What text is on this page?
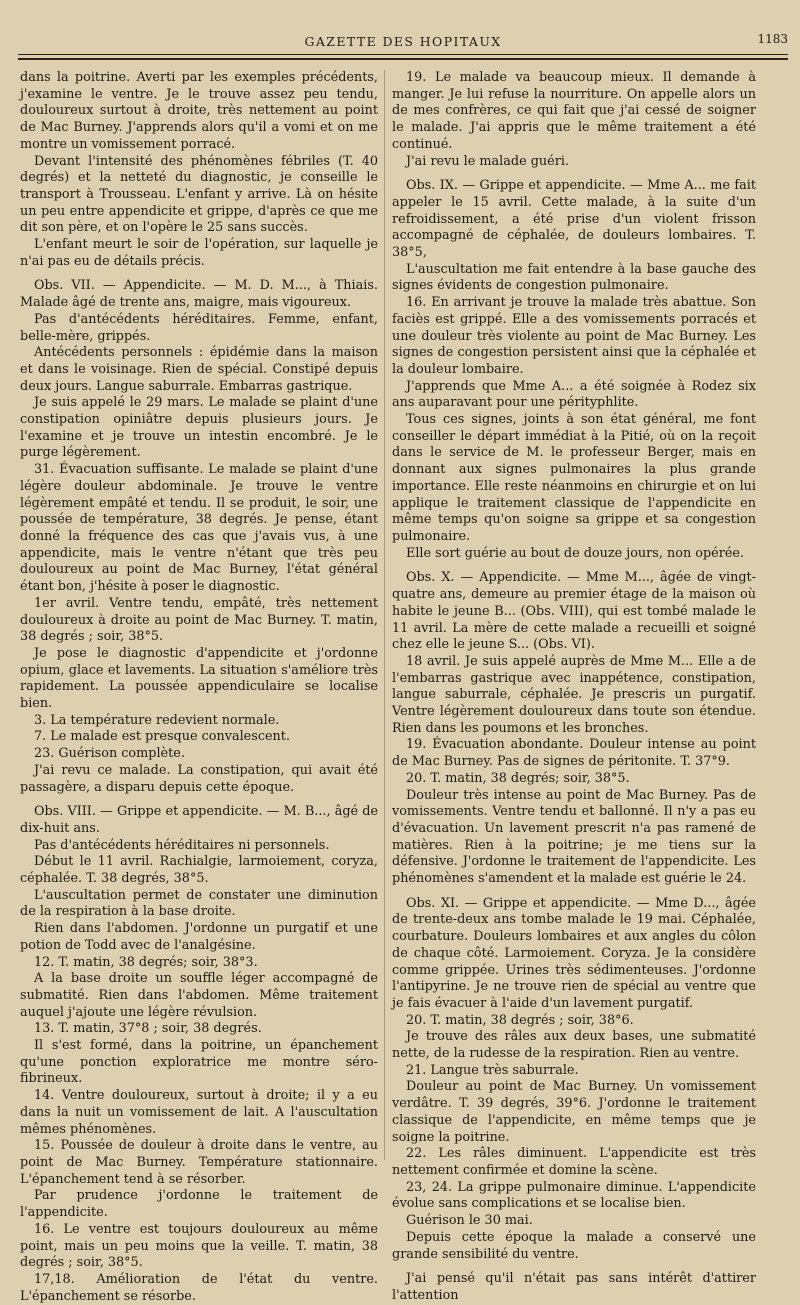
GAZETTE DES HOPITAUX	1183

dans la poitrine. Averti par les exemples précédents, j'examine le ventre. Je le trouve assez peu tendu, douloureux surtout à droite, très nettement au point de Mac Burney. J'apprends alors qu'il a vomi et on me montre un vomissement porracé.

Devant l'intensité des phénomènes fébriles (T. 40 degrés) et la netteté du diagnostic, je conseille le transport à Trousseau. L'enfant y arrive. Là on hésite un peu entre appendicite et grippe, d'après ce que me dit son père, et on l'opère le 25 sans succès.

L'enfant meurt le soir de l'opération, sur laquelle je n'ai pas eu de détails précis.

Obs. VII. — Appendicite. — M. D. M..., à Thiais. Malade âgé de trente ans, maigre, mais vigoureux.

Pas d'antécédents héréditaires. Femme, enfant, belle-mère, grippés.

Antécédents personnels : épidémie dans la maison et dans le voisinage. Rien de spécial. Constipé depuis deux jours. Langue saburrale. Embarras gastrique.

Je suis appelé le 29 mars. Le malade se plaint d'une constipation opiniâtre depuis plusieurs jours. Je l'examine et je trouve un intestin encombré. Je le purge légèrement.

31. Évacuation suffisante. Le malade se plaint d'une légère douleur abdominale. Je trouve le ventre légèrement empâté et tendu. Il se produit, le soir, une poussée de température, 38 degrés. Je pense, étant donné la fréquence des cas que j'avais vus, à une appendicite, mais le ventre n'étant que très peu douloureux au point de Mac Burney, l'état général étant bon, j'hésite à poser le diagnostic.

1er avril. Ventre tendu, empâté, très nettement douloureux à droite au point de Mac Burney. T. matin, 38 degrés ; soir, 38°5.

Je pose le diagnostic d'appendicite et j'ordonne opium, glace et lavements. La situation s'améliore très rapidement. La poussée appendiculaire se localise bien.

3. La température redevient normale.

7. Le malade est presque convalescent.

23. Guérison complète.

J'ai revu ce malade. La constipation, qui avait été passagère, a disparu depuis cette époque.

Obs. VIII. — Grippe et appendicite. — M. B..., âgé de dix-huit ans.

Pas d'antécédents héréditaires ni personnels.

Début le 11 avril. Rachialgie, larmoiement, coryza, céphalée. T. 38 degrés, 38°5.

L'auscultation permet de constater une diminution de la respiration à la base droite.

Rien dans l'abdomen. J'ordonne un purgatif et une potion de Todd avec de l'analgésine.

12. T. matin, 38 degrés; soir, 38°3.

A la base droite un souffle léger accompagné de submatité. Rien dans l'abdomen. Même traitement auquel j'ajoute une légère révulsion.

13. T. matin, 37°8 ; soir, 38 degrés.

Il s'est formé, dans la poitrine, un épanchement qu'une ponction exploratrice me montre séro-fibrineux.

14. Ventre douloureux, surtout à droite; il y a eu dans la nuit un vomissement de lait. A l'auscultation mêmes phénomènes.

15. Poussée de douleur à droite dans le ventre, au point de Mac Burney. Température stationnaire. L'épanchement tend à se résorber.

Par prudence j'ordonne le traitement de l'appendicite.

16. Le ventre est toujours douloureux au même point, mais un peu moins que la veille. T. matin, 38 degrés ; soir, 38°5.

17,18. Amélioration de l'état du ventre. L'épanchement se résorbe.

19. Le malade va beaucoup mieux. Il demande à manger. Je lui refuse la nourriture. On appelle alors un de mes confrères, ce qui fait que j'ai cessé de soigner le malade. J'ai appris que le même traitement a été continué.

J'ai revu le malade guéri.

Obs. IX. — Grippe et appendicite. — Mme A... me fait appeler le 15 avril. Cette malade, à la suite d'un refroidissement, a été prise d'un violent frisson accompagné de céphalée, de douleurs lombaires. T. 38°5,

L'auscultation me fait entendre à la base gauche des signes évidents de congestion pulmonaire.

16. En arrivant je trouve la malade très abattue. Son faciès est grippé. Elle a des vomissements porracés et une douleur très violente au point de Mac Burney. Les signes de congestion persistent ainsi que la céphalée et la douleur lombaire.

J'apprends que Mme A... a été soignée à Rodez six ans auparavant pour une pérityphlite.

Tous ces signes, joints à son état général, me font conseiller le départ immédiat à la Pitié, où on la reçoit dans le service de M. le professeur Berger, mais en donnant aux signes pulmonaires la plus grande importance. Elle reste néanmoins en chirurgie et on lui applique le traitement classique de l'appendicite en même temps qu'on soigne sa grippe et sa congestion pulmonaire.

Elle sort guérie au bout de douze jours, non opérée.

Obs. X. — Appendicite. — Mme M..., âgée de vingt-quatre ans, demeure au premier étage de la maison où habite le jeune B... (Obs. VIII), qui est tombé malade le 11 avril. La mère de cette malade a recueilli et soigné chez elle le jeune S... (Obs. VI).

18 avril. Je suis appelé auprès de Mme M... Elle a de l'embarras gastrique avec inappétence, constipation, langue saburrale, céphalée. Je prescris un purgatif. Ventre légèrement douloureux dans toute son étendue. Rien dans les poumons et les bronches.

19. Évacuation abondante. Douleur intense au point de Mac Burney. Pas de signes de péritonite. T. 37°9.

20. T. matin, 38 degrés; soir, 38°5.

Douleur très intense au point de Mac Burney. Pas de vomissements. Ventre tendu et ballonné. Il n'y a pas eu d'évacuation. Un lavement prescrit n'a pas ramené de matières. Rien à la poitrine; je me tiens sur la défensive. J'ordonne le traitement de l'appendicite. Les phénomènes s'amendent et la malade est guérie le 24.

Obs. XI. — Grippe et appendicite. — Mme D..., âgée de trente-deux ans tombe malade le 19 mai. Céphalée, courbature. Douleurs lombaires et aux angles du côlon de chaque côté. Larmoiement. Coryza. Je la considère comme grippée. Urines très sédimenteuses. J'ordonne l'antipyrine. Je ne trouve rien de spécial au ventre que je fais évacuer à l'aide d'un lavement purgatif.

20. T. matin, 38 degrés ; soir, 38°6.

Je trouve des râles aux deux bases, une submatité nette, de la rudesse de la respiration. Rien au ventre.

21. Langue très saburrale.

Douleur au point de Mac Burney. Un vomissement verdâtre. T. 39 degrés, 39°6. J'ordonne le traitement classique de l'appendicite, en même temps que je soigne la poitrine.

22. Les râles diminuent. L'appendicite est très nettement confirmée et domine la scène.

23, 24. La grippe pulmonaire diminue. L'appendicite évolue sans complications et se localise bien.

Guérison le 30 mai.

Depuis cette époque la malade a conservé une grande sensibilité du ventre.

J'ai pensé qu'il n'était pas sans intérêt d'attirer l'attention
